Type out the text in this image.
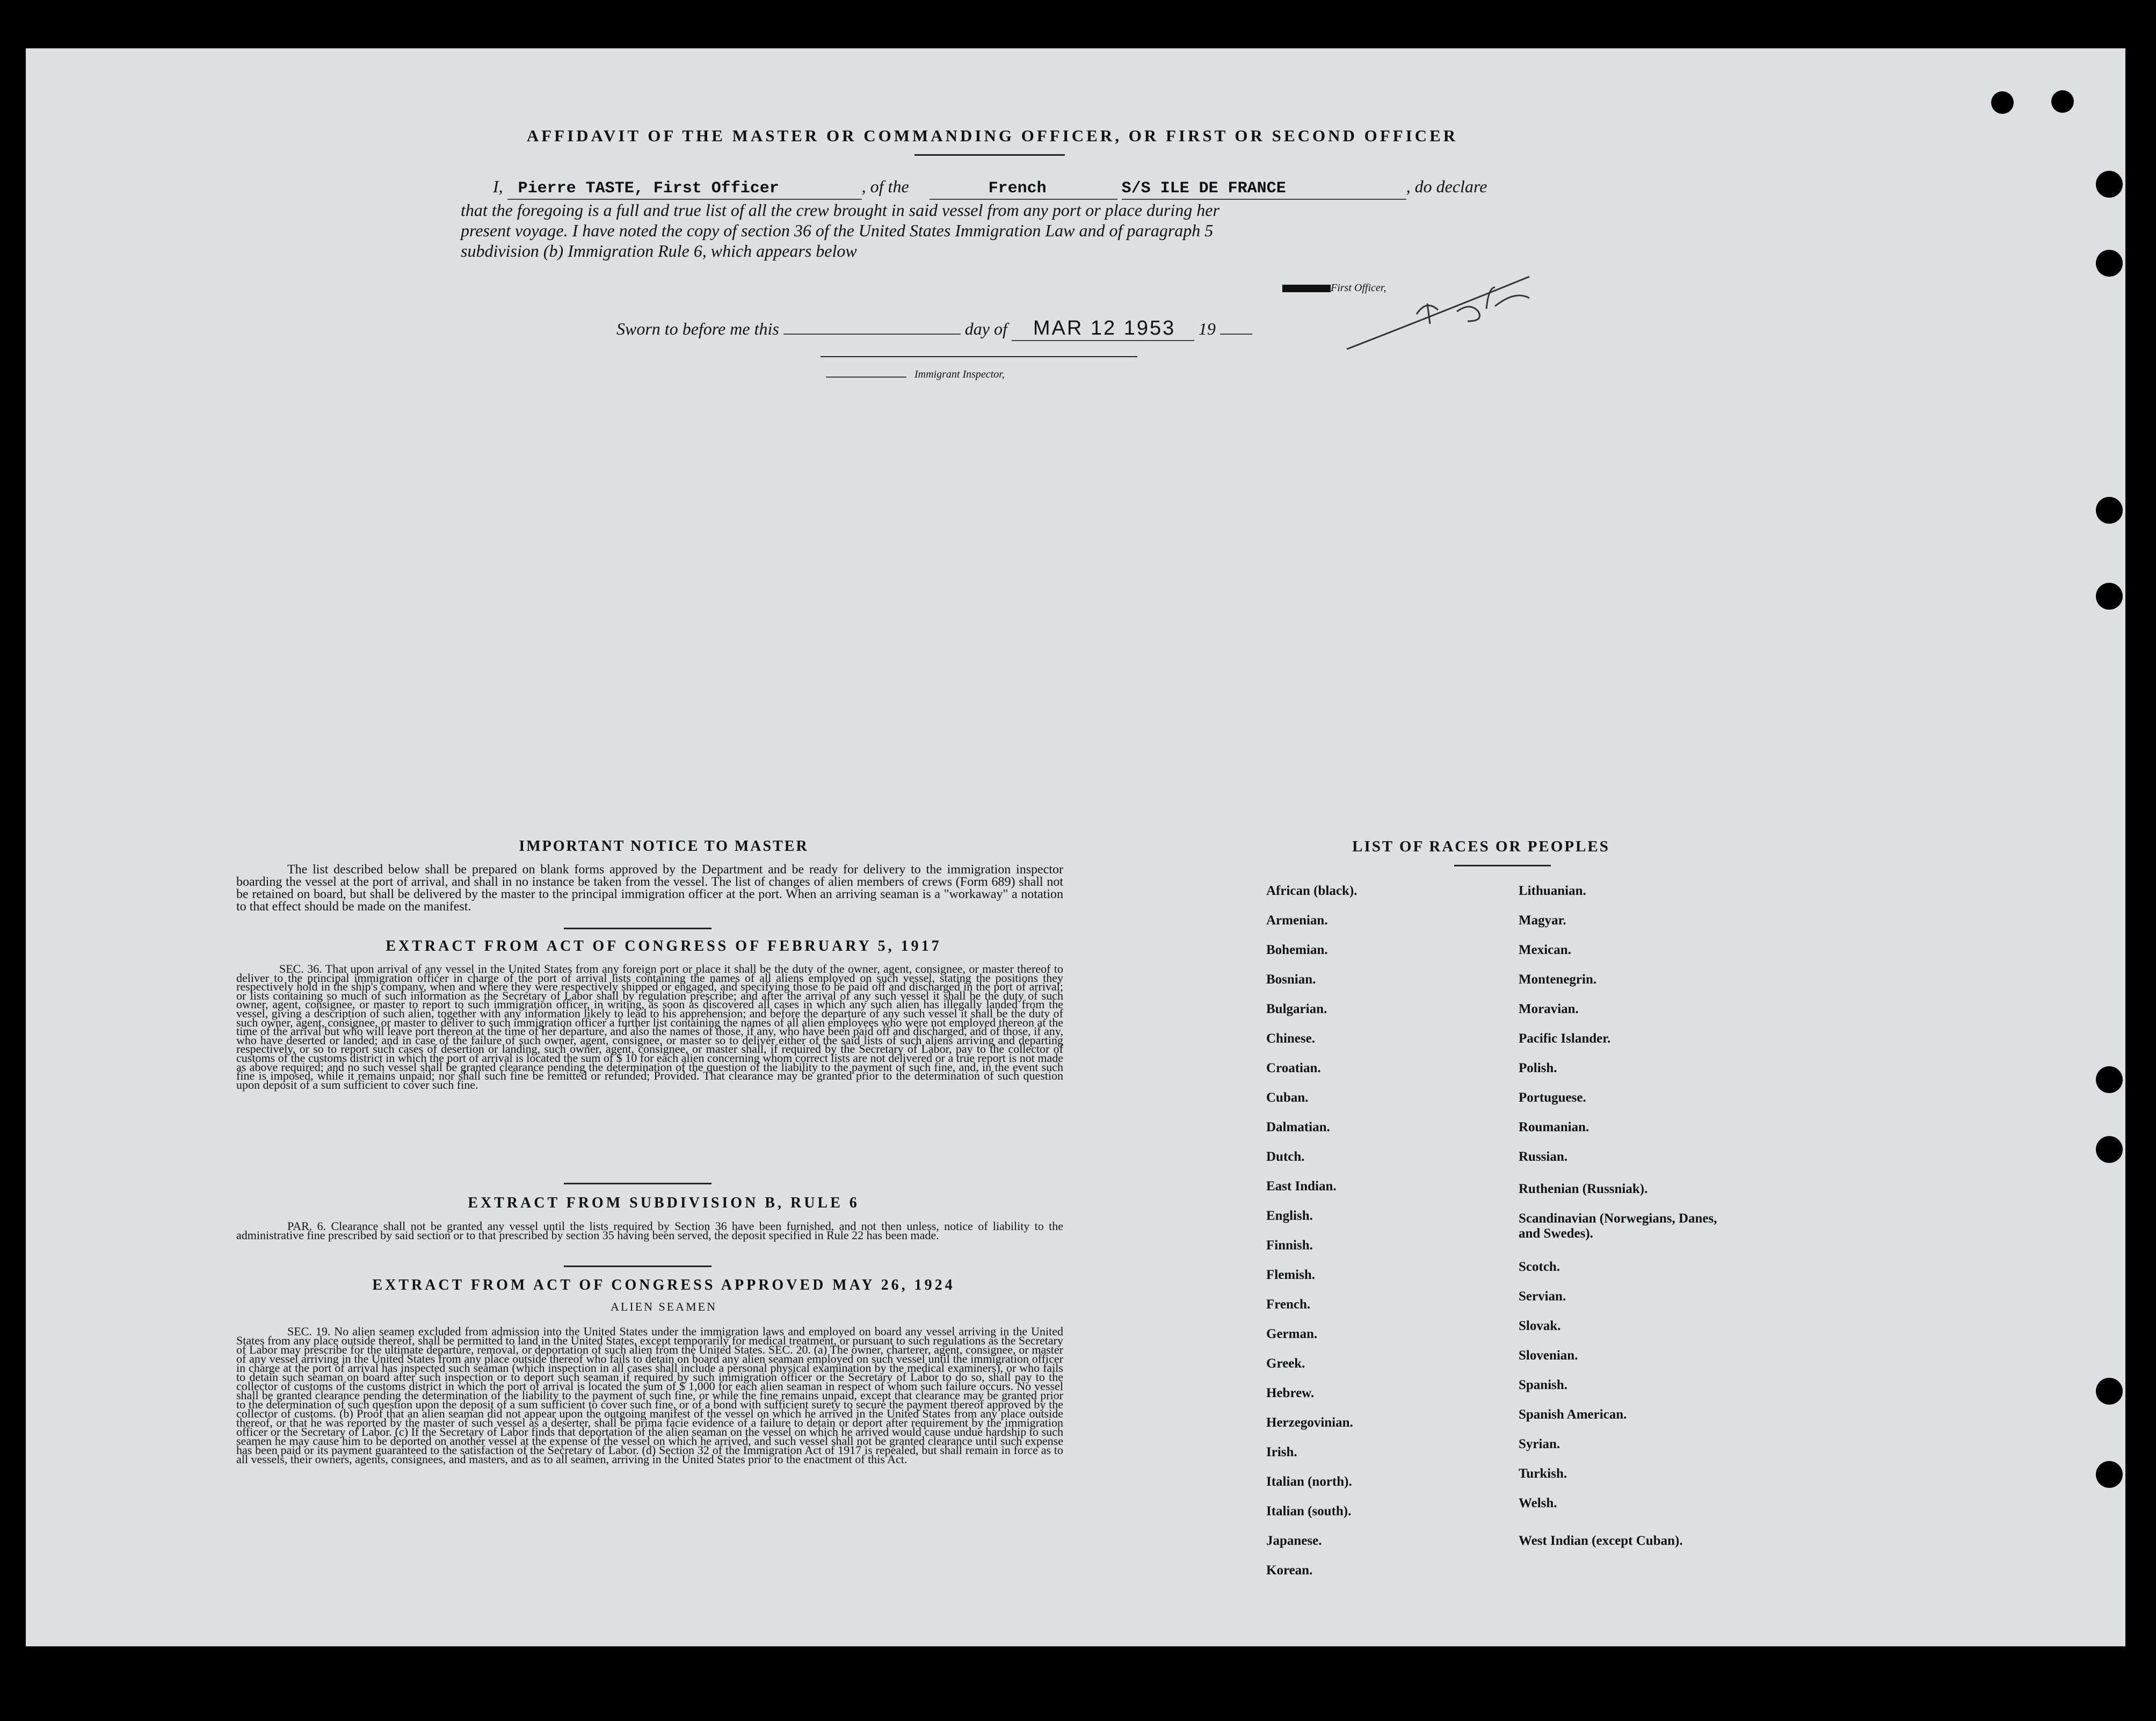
AFFIDAVIT OF THE MASTER OR COMMANDING OFFICER, OR FIRST OR SECOND OFFICER
I, Pierre TASTE, First Officer	, of the	French	S/S ILE DE FRANCE	, do declare
that the foregoing is a full and true list of all the crew brought in said vessel from any port or place during her
present voyage. I have noted the copy of section 36 of the United States Immigration Law and of paragraph 5
subdivision (b) Immigration Rule 6, which appears below
First Officer,
Sworn to before me this	day of MAR 12 1953 19
Immigrant Inspector,
IMPORTANT NOTICE TO MASTER
The list described below shall be prepared on blank forms approved by the Department and be ready for delivery to the immigration inspector boarding the vessel at the port of arrival, and shall in no instance be taken from the vessel. The list of changes of alien members of crews (Form 689) shall not be retained on board, but shall be delivered by the master to the principal immigration officer at the port. When an arriving seaman is a "workaway" a notation to that effect should be made on the manifest.
EXTRACT FROM ACT OF CONGRESS OF FEBRUARY 5, 1917
SEC. 36. That upon arrival of any vessel in the United States from any foreign port or place it shall be the duty of the owner, agent, consignee, or master thereof to deliver to the principal immigration officer in charge of the port of arrival lists containing the names of all aliens employed on such vessel, stating the positions they respectively hold in the ship's company, when and where they were respectively shipped or engaged, and specifying those to be paid off and discharged in the port of arrival; or lists containing so much of such information as the Secretary of Labor shall by regulation prescribe; and after the arrival of any such vessel it shall be the duty of such owner, agent, consignee, or master to report to such immigration officer, in writing, as soon as discovered all cases in which any such alien has illegally landed from the vessel, giving a description of such alien, together with any information likely to lead to his apprehension; and before the departure of any such vessel it shall be the duty of such owner, agent, consignee, or master to deliver to such immigration officer a further list containing the names of all alien employees who were not employed thereon at the time of the arrival but who will leave port thereon at the time of her departure, and also the names of those, if any, who have been paid off and discharged, and of those, if any, who have deserted or landed; and in case of the failure of such owner, agent, consignee, or master so to deliver either of the said lists of such aliens arriving and departing respectively, or so to report such cases of desertion or landing, such owner, agent, consignee, or master shall, if required by the Secretary of Labor, pay to the collector of customs of the customs district in which the port of arrival is located the sum of $ 10 for each alien concerning whom correct lists are not delivered or a true report is not made as above required; and no such vessel shall be granted clearance pending the determination of the question of the liability to the payment of such fine, and, in the event such fine is imposed, while it remains unpaid; nor shall such fine be remitted or refunded; Provided. That clearance may be granted prior to the determination of such question upon deposit of a sum sufficient to cover such fine.
EXTRACT FROM SUBDIVISION B, RULE 6
PAR. 6. Clearance shall not be granted any vessel until the lists required by Section 36 have been furnished, and not then unless, notice of liability to the administrative fine prescribed by said section or to that prescribed by section 35 having been served, the deposit specified in Rule 22 has been made.
EXTRACT FROM ACT OF CONGRESS APPROVED MAY 26, 1924
ALIEN SEAMEN
SEC. 19. No alien seamen excluded from admission into the United States under the immigration laws and employed on board any vessel arriving in the United States from any place outside thereof, shall be permitted to land in the United States, except temporarily for medical treatment, or pursuant to such regulations as the Secretary of Labor may prescribe for the ultimate departure, removal, or deportation of such alien from the United States. SEC. 20. (a) The owner, charterer, agent, consignee, or master of any vessel arriving in the United States from any place outside thereof who fails to detain on board any alien seaman employed on such vessel until the immigration officer in charge at the port of arrival has inspected such seaman (which inspection in all cases shall include a personal physical examination by the medical examiners), or who fails to detain such seaman on board after such inspection or to deport such seaman if required by such immigration officer or the Secretary of Labor to do so, shall pay to the collector of customs of the customs district in which the port of arrival is located the sum of $ 1,000 for each alien seaman in respect of whom such failure occurs. No vessel shall be granted clearance pending the determination of the liability to the payment of such fine, or while the fine remains unpaid, except that clearance may be granted prior to the determination of such question upon the deposit of a sum sufficient to cover such fine, or of a bond with sufficient surety to secure the payment thereof approved by the collector of customs. (b) Proof that an alien seaman did not appear upon the outgoing manifest of the vessel on which he arrived in the United States from any place outside thereof, or that he was reported by the master of such vessel as a deserter, shall be prima facie evidence of a failure to detain or deport after requirement by the immigration officer or the Secretary of Labor. (c) If the Secretary of Labor finds that deportation of the alien seaman on the vessel on which he arrived would cause undue hardship to such seamen he may cause him to be deported on another vessel at the expense of the vessel on which he arrived, and such vessel shall not be granted clearance until such expense has been paid or its payment guaranteed to the satisfaction of the Secretary of Labor. (d) Section 32 of the Immigration Act of 1917 is repealed, but shall remain in force as to all vessels, their owners, agents, consignees, and masters, and as to all seamen, arriving in the United States prior to the enactment of this Act.
LIST OF RACES OR PEOPLES
African (black).
Armenian.
Bohemian.
Bosnian.
Bulgarian.
Chinese.
Croatian.
Cuban.
Dalmatian.
Dutch.
East Indian.
English.
Finnish.
Flemish.
French.
German.
Greek.
Hebrew.
Herzegovinian.
Irish.
Italian (north).
Italian (south).
Japanese.
Korean.
Lithuanian.
Magyar.
Mexican.
Montenegrin.
Moravian.
Pacific Islander.
Polish.
Portuguese.
Roumanian.
Russian.
Ruthenian (Russniak).
Scandinavian (Norwegians, Danes, and Swedes).
Scotch.
Servian.
Slovak.
Slovenian.
Spanish.
Spanish American.
Syrian.
Turkish.
Welsh.
West Indian (except Cuban).
